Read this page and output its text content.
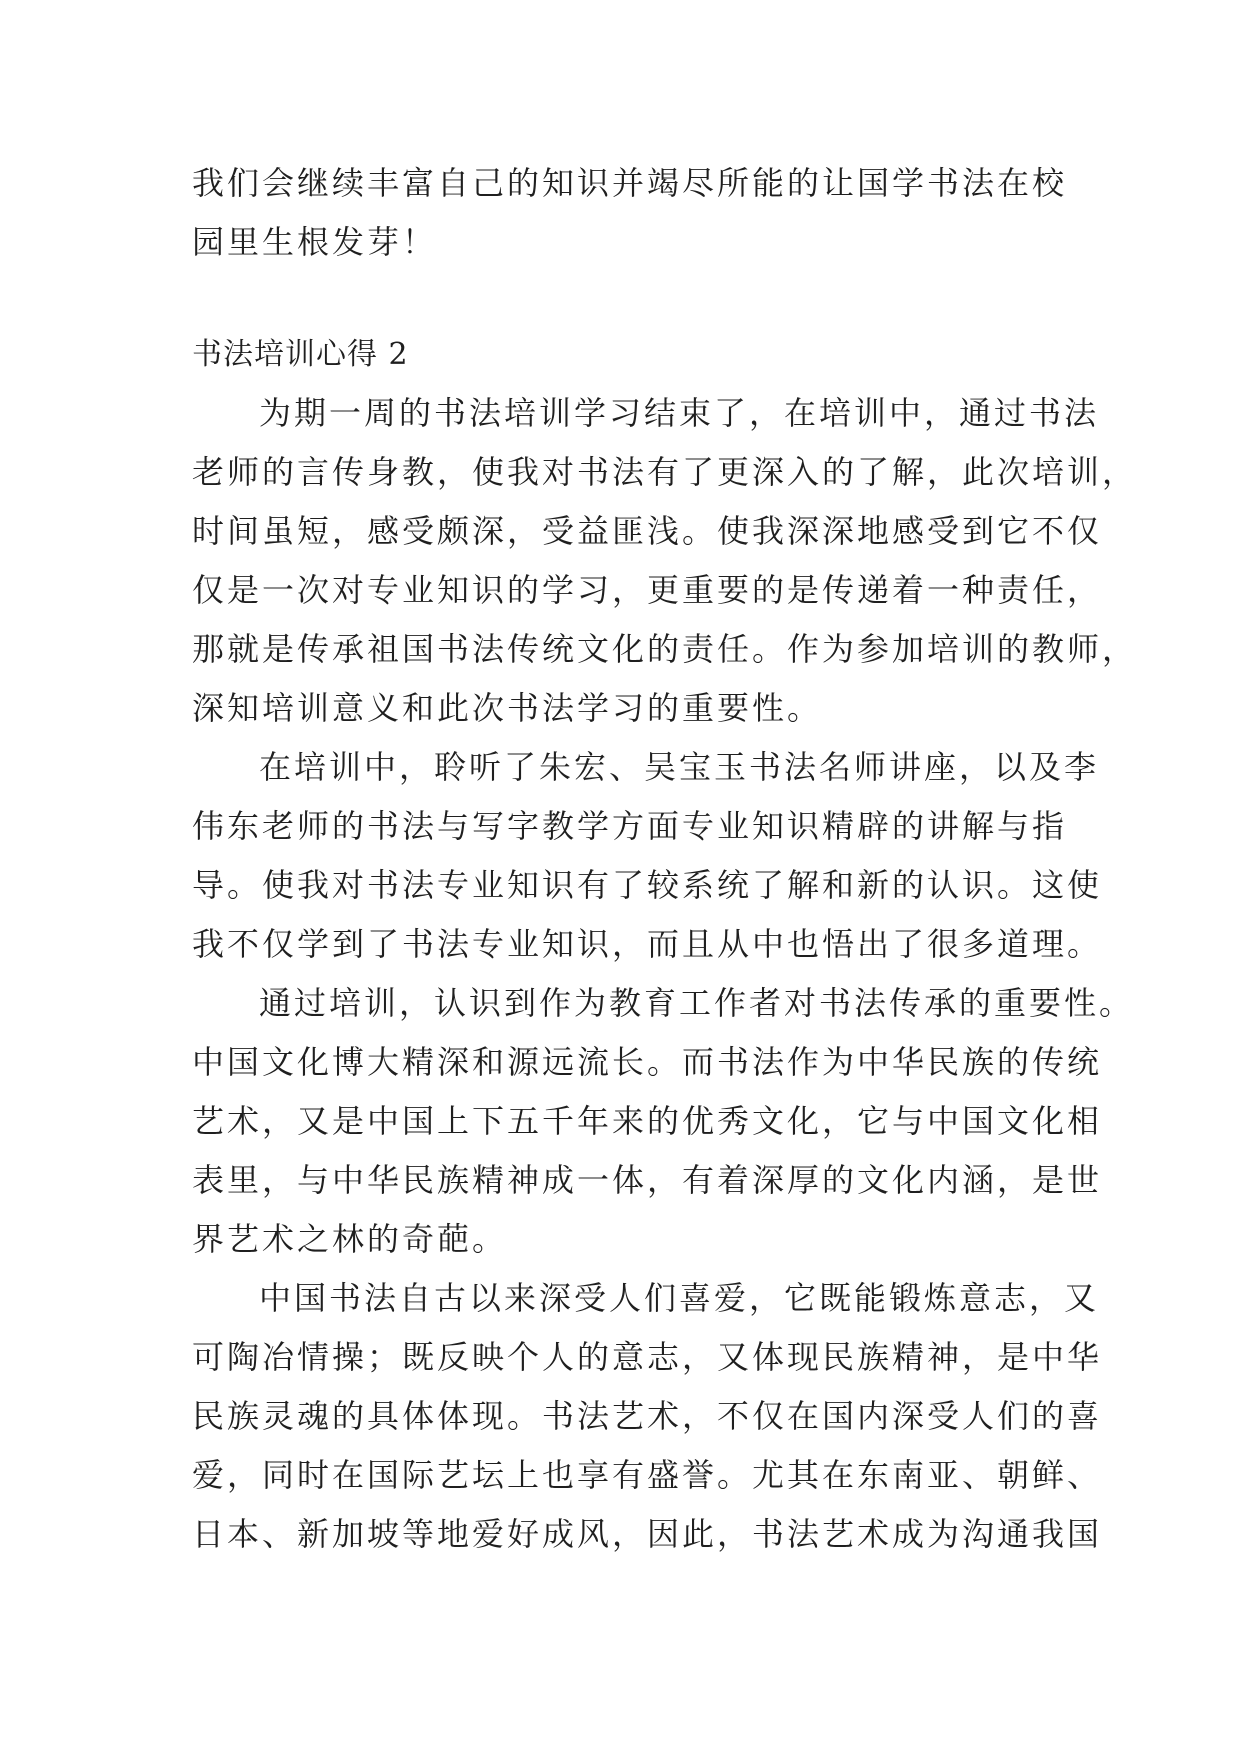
我们会继续丰富自己的知识并竭尽所能的让国学书法在校
园里生根发芽！
书法培训心得 2
为期一周的书法培训学习结束了，在培训中，通过书法
老师的言传身教，使我对书法有了更深入的了解，此次培训，
时间虽短，感受颇深，受益匪浅。使我深深地感受到它不仅
仅是一次对专业知识的学习，更重要的是传递着一种责任，
那就是传承祖国书法传统文化的责任。作为参加培训的教师，
深知培训意义和此次书法学习的重要性。
在培训中，聆听了朱宏、吴宝玉书法名师讲座，以及李
伟东老师的书法与写字教学方面专业知识精辟的讲解与指
导。使我对书法专业知识有了较系统了解和新的认识。这使
我不仅学到了书法专业知识，而且从中也悟出了很多道理。
通过培训，认识到作为教育工作者对书法传承的重要性。
中国文化博大精深和源远流长。而书法作为中华民族的传统
艺术，又是中国上下五千年来的优秀文化，它与中国文化相
表里，与中华民族精神成一体，有着深厚的文化内涵，是世
界艺术之林的奇葩。
中国书法自古以来深受人们喜爱，它既能锻炼意志，又
可陶冶情操；既反映个人的意志，又体现民族精神，是中华
民族灵魂的具体体现。书法艺术，不仅在国内深受人们的喜
爱，同时在国际艺坛上也享有盛誉。尤其在东南亚、朝鲜、
日本、新加坡等地爱好成风，因此，书法艺术成为沟通我国
